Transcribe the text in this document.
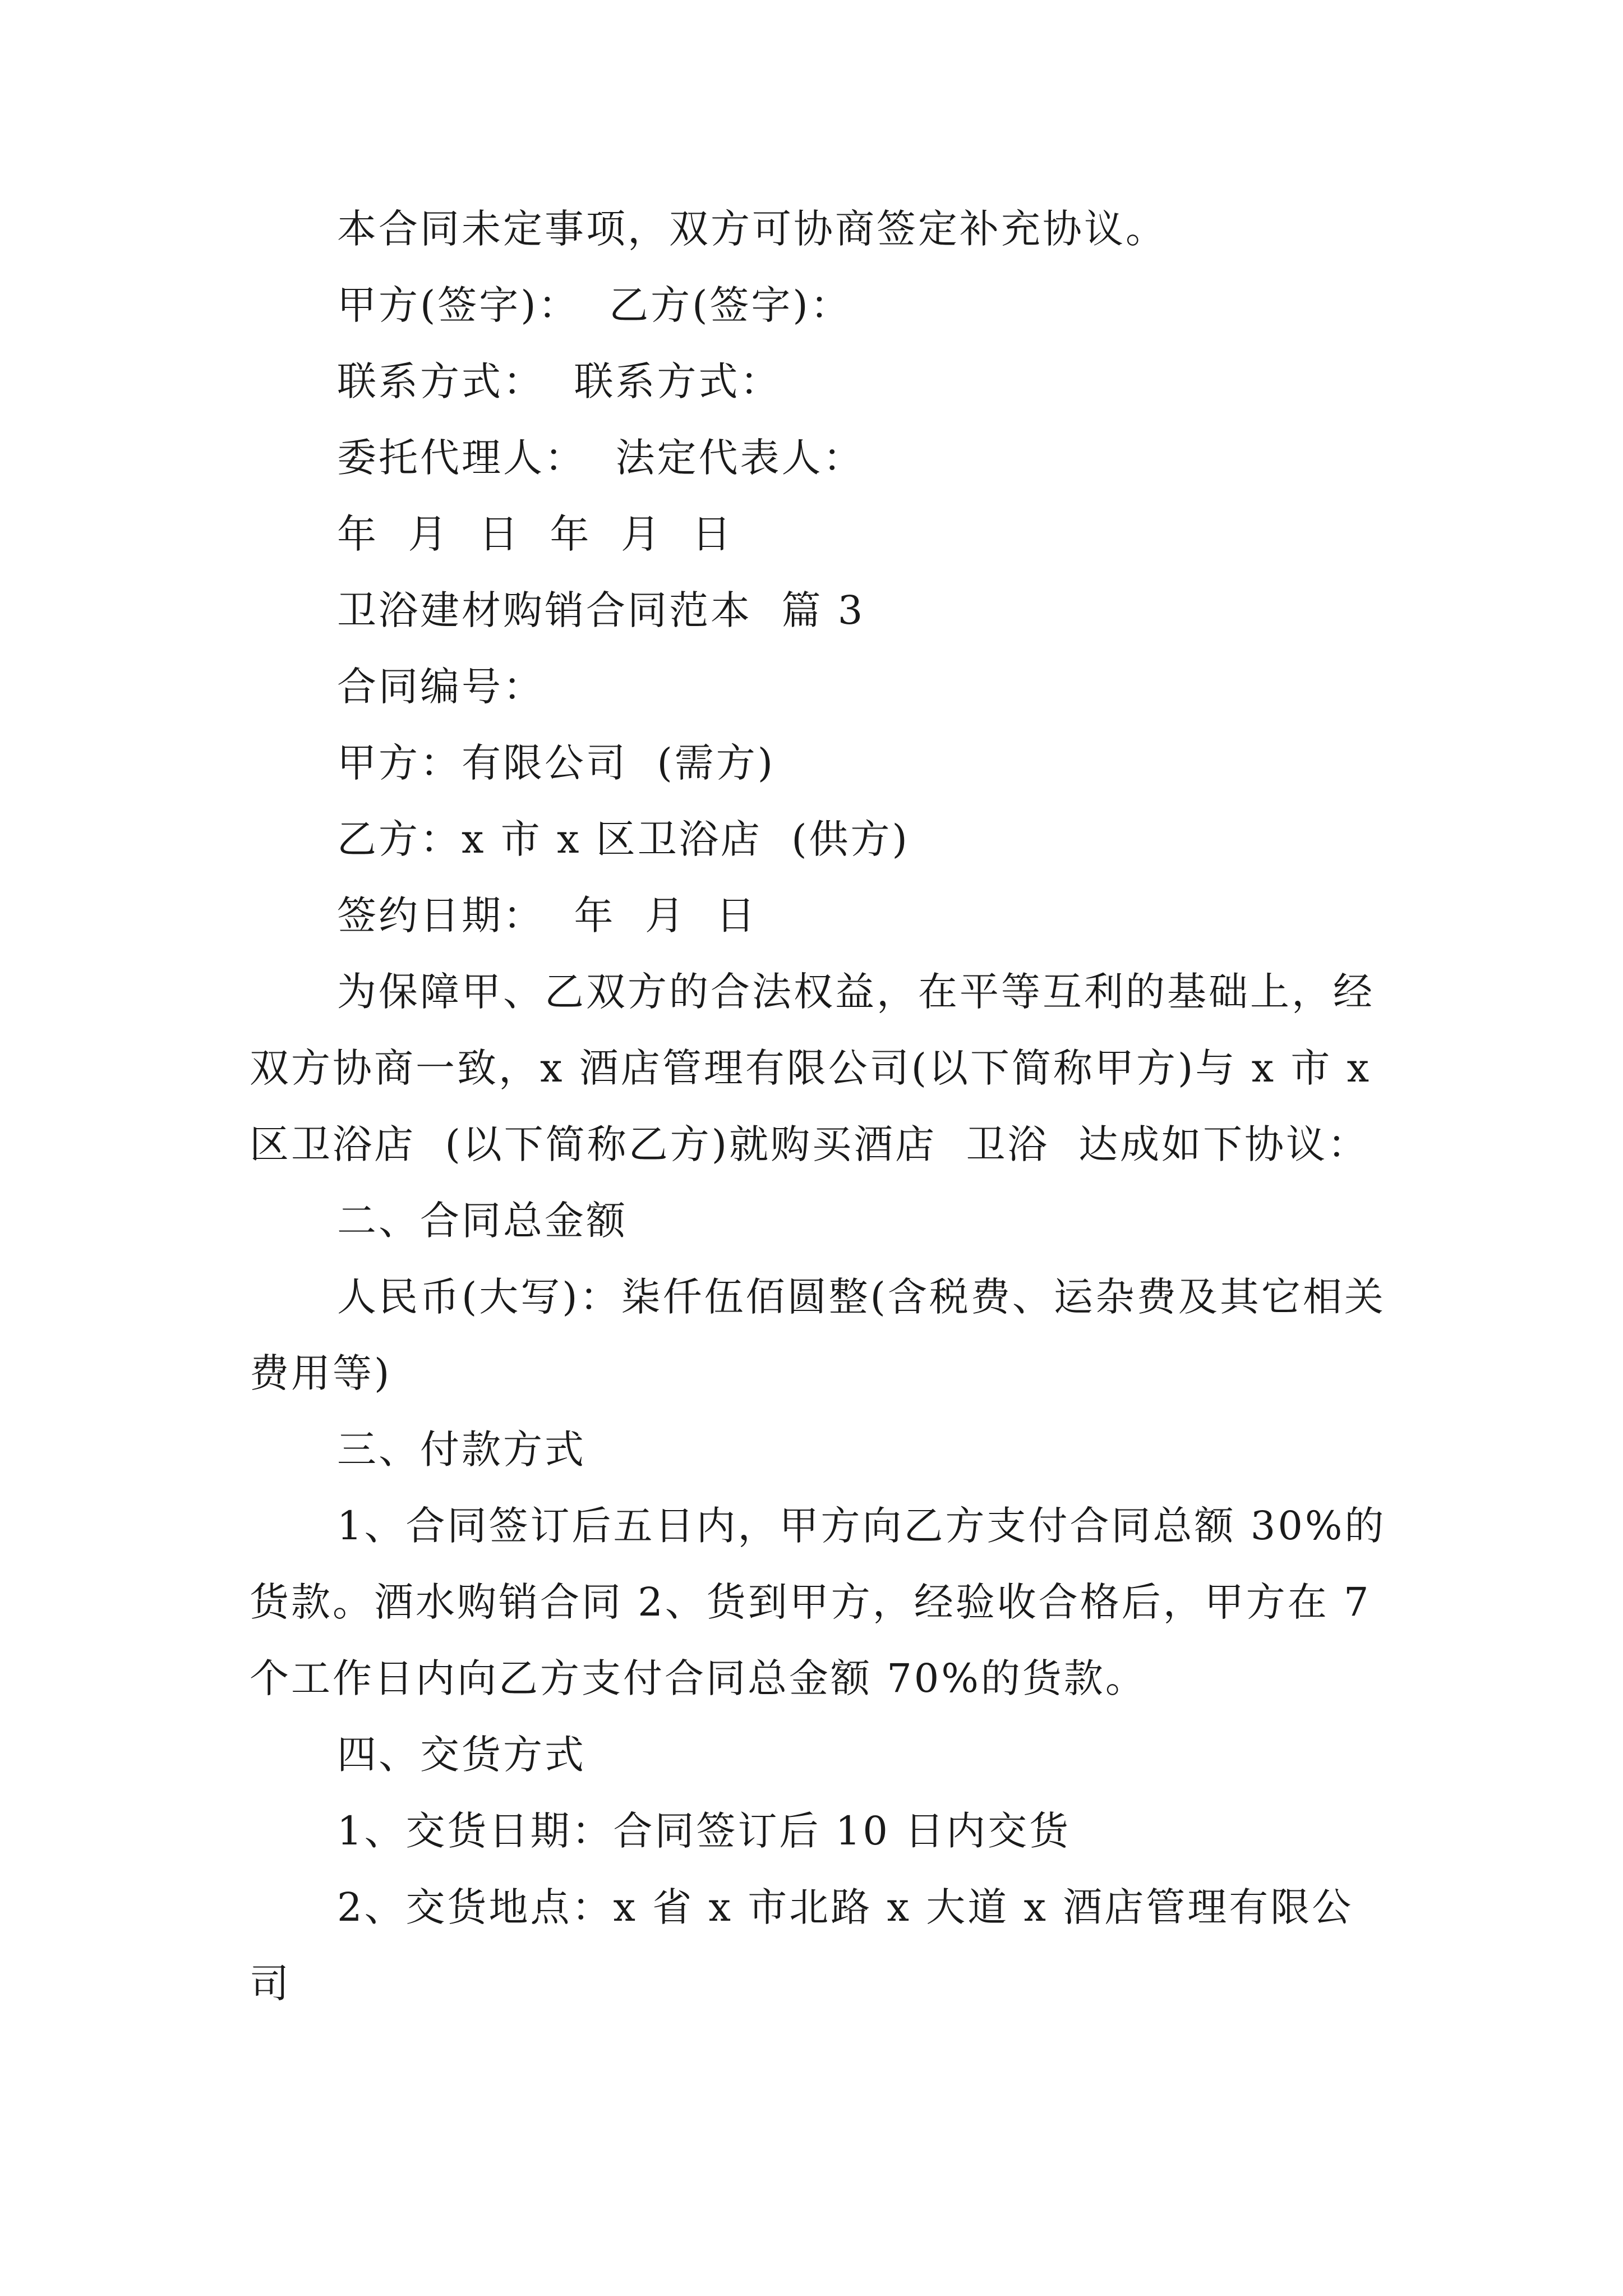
本合同未定事项，双方可协商签定补充协议。

甲方(签字)：  乙方(签字)：

联系方式：  联系方式：

委托代理人：  法定代表人：

年  月  日  年  月  日

卫浴建材购销合同范本  篇 3

合同编号：

甲方：有限公司  (需方)

乙方：x 市 x 区卫浴店  (供方)

签约日期：  年  月  日

为保障甲、乙双方的合法权益，在平等互利的基础上，经双方协商一致，x 酒店管理有限公司(以下简称甲方)与 x 市 x 区卫浴店  (以下简称乙方)就购买酒店  卫浴  达成如下协议：

二、合同总金额

人民币(大写)：柒仟伍佰圆整(含税费、运杂费及其它相关费用等)

三、付款方式

1、合同签订后五日内，甲方向乙方支付合同总额 30%的货款。酒水购销合同 2、货到甲方，经验收合格后，甲方在 7 个工作日内向乙方支付合同总金额 70%的货款。

四、交货方式

1、交货日期：合同签订后 10 日内交货

2、交货地点：x 省 x 市北路 x 大道 x 酒店管理有限公司
